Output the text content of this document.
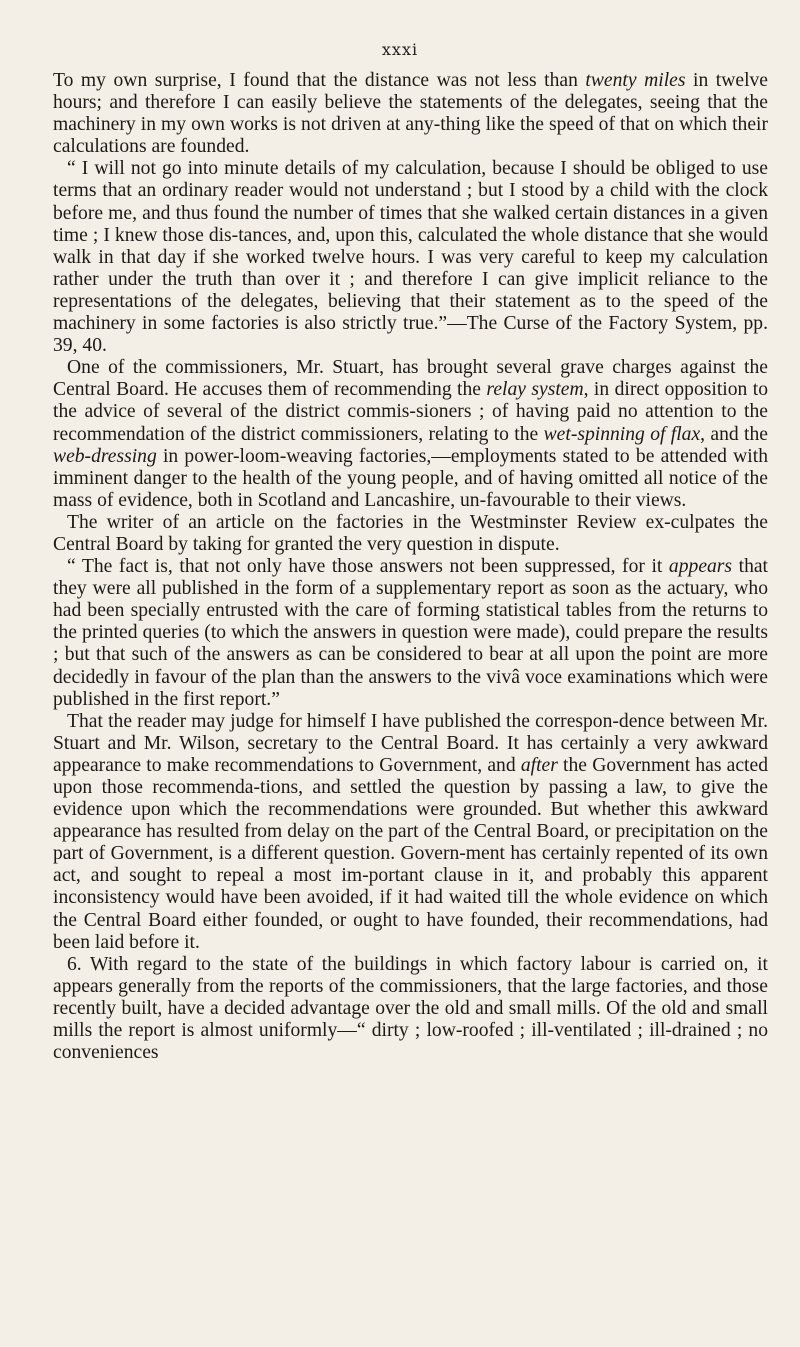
xxxi

To my own surprise, I found that the distance was not less than twenty miles in twelve hours; and therefore I can easily believe the statements of the delegates, seeing that the machinery in my own works is not driven at any-thing like the speed of that on which their calculations are founded.

“ I will not go into minute details of my calculation, because I should be obliged to use terms that an ordinary reader would not understand ; but I stood by a child with the clock before me, and thus found the number of times that she walked certain distances in a given time ; I knew those dis-tances, and, upon this, calculated the whole distance that she would walk in that day if she worked twelve hours. I was very careful to keep my calculation rather under the truth than over it ; and therefore I can give implicit reliance to the representations of the delegates, believing that their statement as to the speed of the machinery in some factories is also strictly true.”—The Curse of the Factory System, pp. 39, 40.

One of the commissioners, Mr. Stuart, has brought several grave charges against the Central Board. He accuses them of recommending the relay system, in direct opposition to the advice of several of the district commis-sioners ; of having paid no attention to the recommendation of the district commissioners, relating to the wet-spinning of flax, and the web-dressing in power-loom-weaving factories,—employments stated to be attended with imminent danger to the health of the young people, and of having omitted all notice of the mass of evidence, both in Scotland and Lancashire, un-favourable to their views.

The writer of an article on the factories in the Westminster Review ex-culpates the Central Board by taking for granted the very question in dispute.

“ The fact is, that not only have those answers not been suppressed, for it appears that they were all published in the form of a supplementary report as soon as the actuary, who had been specially entrusted with the care of forming statistical tables from the returns to the printed queries (to which the answers in question were made), could prepare the results ; but that such of the answers as can be considered to bear at all upon the point are more decidedly in favour of the plan than the answers to the vivâ voce examinations which were published in the first report.”

That the reader may judge for himself I have published the correspon-dence between Mr. Stuart and Mr. Wilson, secretary to the Central Board. It has certainly a very awkward appearance to make recommendations to Government, and after the Government has acted upon those recommenda-tions, and settled the question by passing a law, to give the evidence upon which the recommendations were grounded. But whether this awkward appearance has resulted from delay on the part of the Central Board, or precipitation on the part of Government, is a different question. Govern-ment has certainly repented of its own act, and sought to repeal a most im-portant clause in it, and probably this apparent inconsistency would have been avoided, if it had waited till the whole evidence on which the Central Board either founded, or ought to have founded, their recommendations, had been laid before it.

6. With regard to the state of the buildings in which factory labour is carried on, it appears generally from the reports of the commissioners, that the large factories, and those recently built, have a decided advantage over the old and small mills. Of the old and small mills the report is almost uniformly—“ dirty ; low-roofed ; ill-ventilated ; ill-drained ; no conveniences
